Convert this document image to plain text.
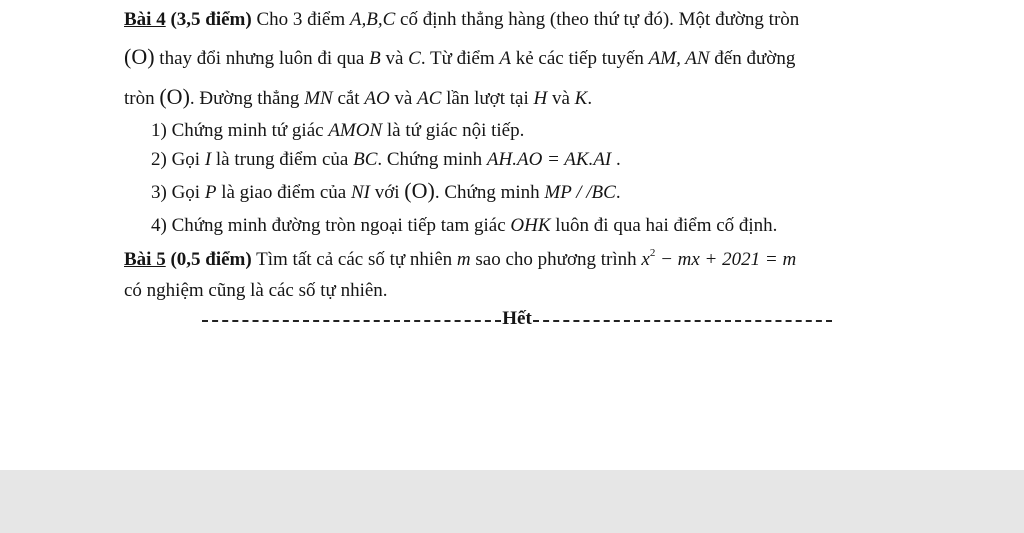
Bài 4 (3,5 điểm) Cho 3 điểm A,B,C cố định thẳng hàng (theo thứ tự đó). Một đường tròn
(O) thay đổi nhưng luôn đi qua B và C. Từ điểm A kẻ các tiếp tuyến AM, AN đến đường
tròn (O). Đường thẳng MN cắt AO và AC lần lượt tại H và K.
1) Chứng minh tứ giác AMON là tứ giác nội tiếp.
2) Gọi I là trung điểm của BC. Chứng minh AH.AO = AK.AI .
3) Gọi P là giao điểm của NI với (O). Chứng minh MP / /BC.
4) Chứng minh đường tròn ngoại tiếp tam giác OHK luôn đi qua hai điểm cố định.
Bài 5 (0,5 điểm) Tìm tất cả các số tự nhiên m sao cho phương trình $x^2$ − mx + 2021 = m
có nghiệm cũng là các số tự nhiên.
Hết
